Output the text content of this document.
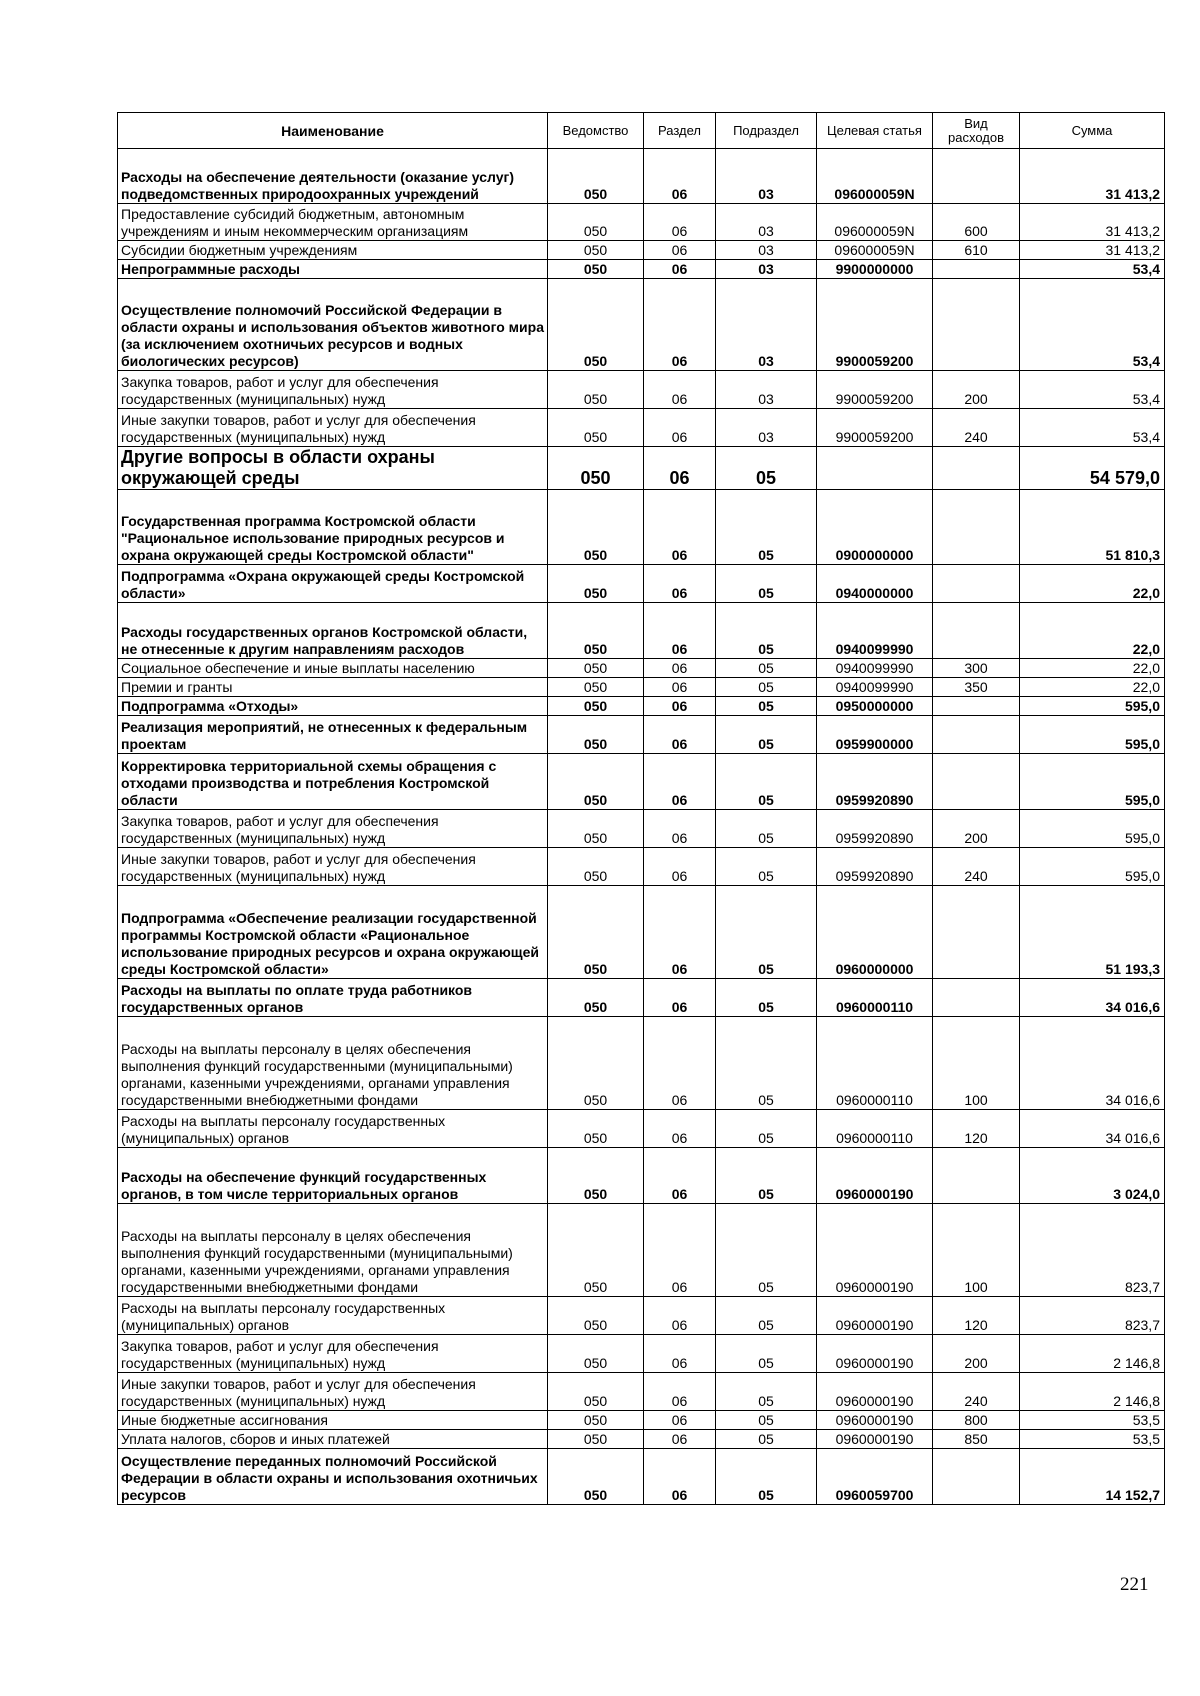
Наименование	Ведомство	Раздел	Подраздел	Целевая статья	Вид расходов	Сумма
Расходы на обеспечение деятельности (оказание услуг) подведомственных природоохранных учреждений	050	06	03	096000059N		31 413,2
Предоставление субсидий бюджетным, автономным учреждениям и иным некоммерческим организациям	050	06	03	096000059N	600	31 413,2
Субсидии бюджетным учреждениям	050	06	03	096000059N	610	31 413,2
Непрограммные расходы	050	06	03	9900000000		53,4
Осуществление полномочий Российской Федерации в области охраны и использования объектов животного мира (за исключением охотничьих ресурсов и водных биологических ресурсов)	050	06	03	9900059200		53,4
Закупка товаров, работ и услуг для обеспечения государственных (муниципальных) нужд	050	06	03	9900059200	200	53,4
Иные закупки товаров, работ и услуг для обеспечения государственных (муниципальных) нужд	050	06	03	9900059200	240	53,4
Другие вопросы в области охраны окружающей среды	050	06	05			54 579,0
Государственная программа Костромской области "Рациональное использование природных ресурсов и охрана окружающей среды Костромской области"	050	06	05	0900000000		51 810,3
Подпрограмма «Охрана окружающей среды Костромской области»	050	06	05	0940000000		22,0
Расходы государственных органов Костромской области, не отнесенные к другим направлениям расходов	050	06	05	0940099990		22,0
Социальное обеспечение и иные выплаты населению	050	06	05	0940099990	300	22,0
Премии и гранты	050	06	05	0940099990	350	22,0
Подпрограмма «Отходы»	050	06	05	0950000000		595,0
Реализация мероприятий, не отнесенных к федеральным проектам	050	06	05	0959900000		595,0
Корректировка территориальной схемы обращения с отходами производства и потребления Костромской области	050	06	05	0959920890		595,0
Закупка товаров, работ и услуг для обеспечения государственных (муниципальных) нужд	050	06	05	0959920890	200	595,0
Иные закупки товаров, работ и услуг для обеспечения государственных (муниципальных) нужд	050	06	05	0959920890	240	595,0
Подпрограмма «Обеспечение реализации государственной программы Костромской области «Рациональное использование природных ресурсов и охрана окружающей среды Костромской области»	050	06	05	0960000000		51 193,3
Расходы на выплаты по оплате труда работников государственных органов	050	06	05	0960000110		34 016,6
Расходы на выплаты персоналу в целях обеспечения выполнения функций государственными (муниципальными) органами, казенными учреждениями, органами управления государственными внебюджетными фондами	050	06	05	0960000110	100	34 016,6
Расходы на выплаты персоналу государственных (муниципальных) органов	050	06	05	0960000110	120	34 016,6
Расходы на обеспечение функций государственных органов, в том числе территориальных органов	050	06	05	0960000190		3 024,0
Расходы на выплаты персоналу в целях обеспечения выполнения функций государственными (муниципальными) органами, казенными учреждениями, органами управления государственными внебюджетными фондами	050	06	05	0960000190	100	823,7
Расходы на выплаты персоналу государственных (муниципальных) органов	050	06	05	0960000190	120	823,7
Закупка товаров, работ и услуг для обеспечения государственных (муниципальных) нужд	050	06	05	0960000190	200	2 146,8
Иные закупки товаров, работ и услуг для обеспечения государственных (муниципальных) нужд	050	06	05	0960000190	240	2 146,8
Иные бюджетные ассигнования	050	06	05	0960000190	800	53,5
Уплата налогов, сборов и иных платежей	050	06	05	0960000190	850	53,5
Осуществление переданных полномочий Российской Федерации в области охраны и использования охотничьих ресурсов	050	06	05	0960059700		14 152,7
221
